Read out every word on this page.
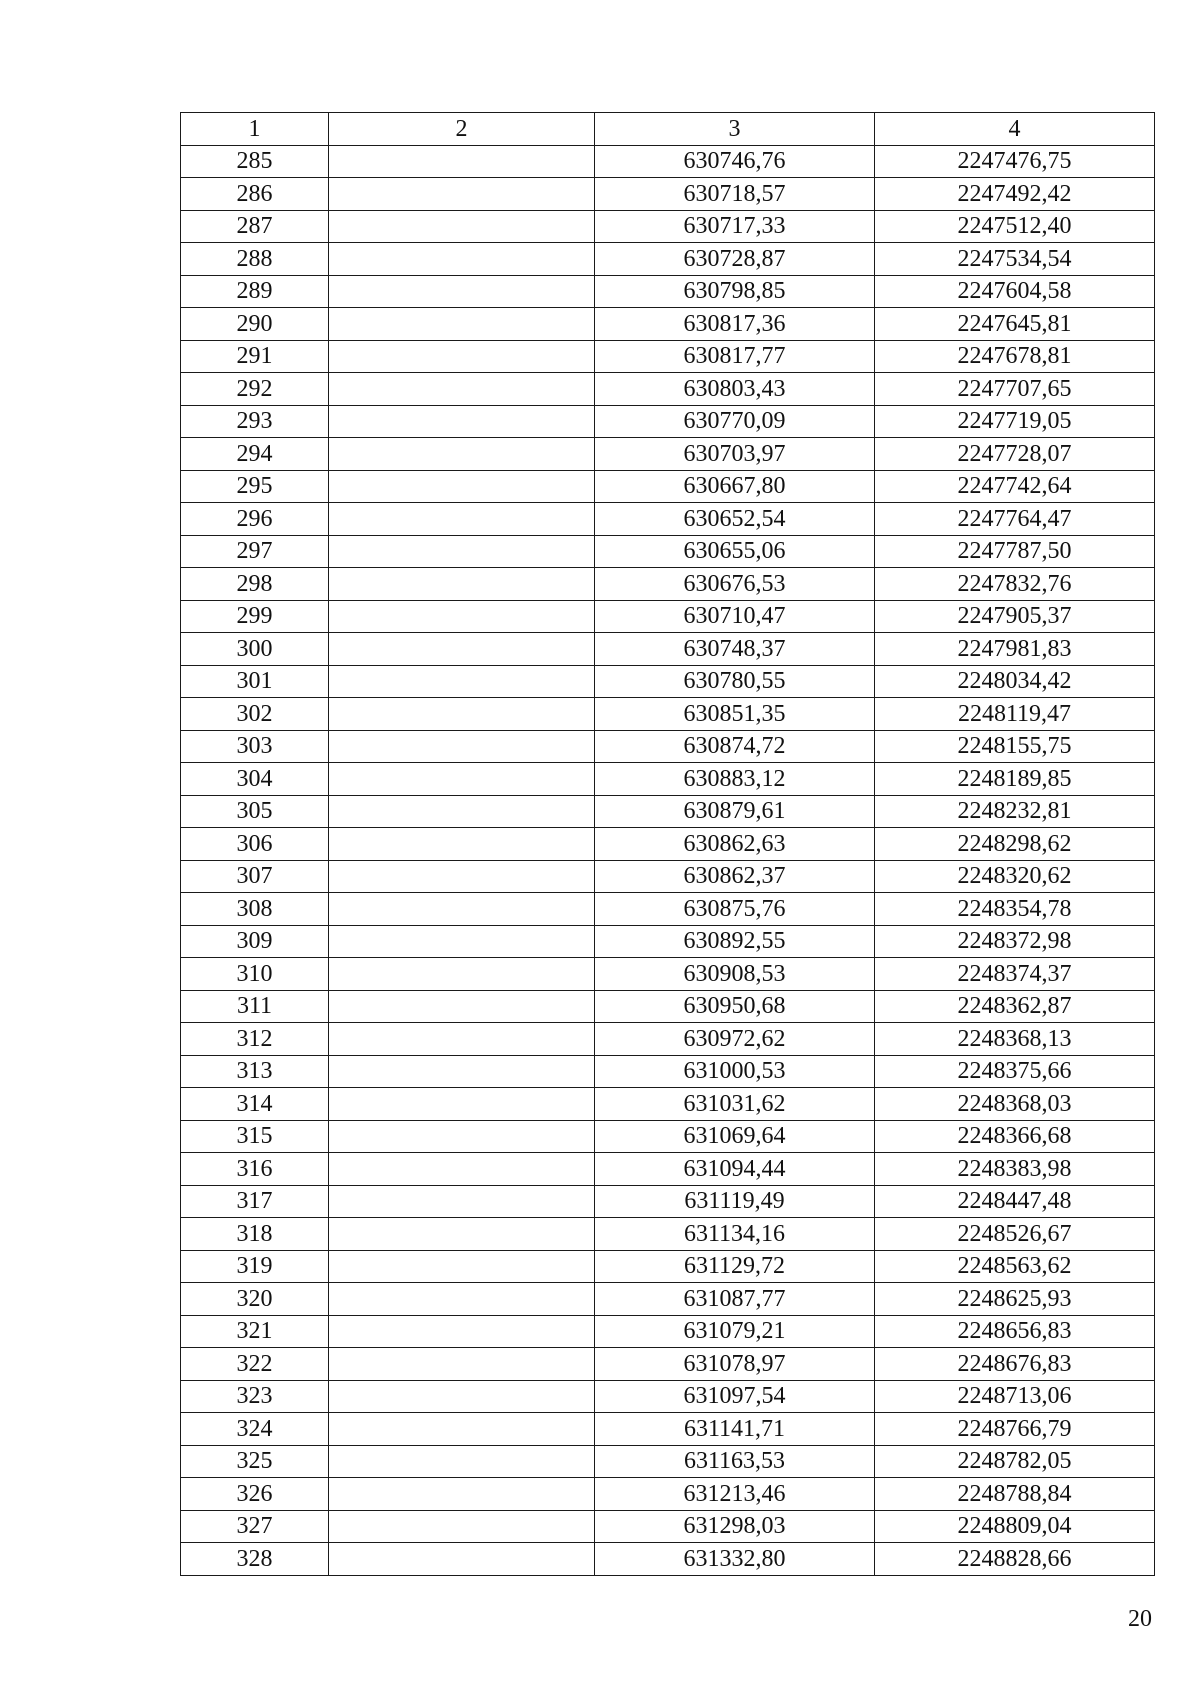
1	2	3	4
285		630746,76	2247476,75
286		630718,57	2247492,42
287		630717,33	2247512,40
288		630728,87	2247534,54
289		630798,85	2247604,58
290		630817,36	2247645,81
291		630817,77	2247678,81
292		630803,43	2247707,65
293		630770,09	2247719,05
294		630703,97	2247728,07
295		630667,80	2247742,64
296		630652,54	2247764,47
297		630655,06	2247787,50
298		630676,53	2247832,76
299		630710,47	2247905,37
300		630748,37	2247981,83
301		630780,55	2248034,42
302		630851,35	2248119,47
303		630874,72	2248155,75
304		630883,12	2248189,85
305		630879,61	2248232,81
306		630862,63	2248298,62
307		630862,37	2248320,62
308		630875,76	2248354,78
309		630892,55	2248372,98
310		630908,53	2248374,37
311		630950,68	2248362,87
312		630972,62	2248368,13
313		631000,53	2248375,66
314		631031,62	2248368,03
315		631069,64	2248366,68
316		631094,44	2248383,98
317		631119,49	2248447,48
318		631134,16	2248526,67
319		631129,72	2248563,62
320		631087,77	2248625,93
321		631079,21	2248656,83
322		631078,97	2248676,83
323		631097,54	2248713,06
324		631141,71	2248766,79
325		631163,53	2248782,05
326		631213,46	2248788,84
327		631298,03	2248809,04
328		631332,80	2248828,66
20
